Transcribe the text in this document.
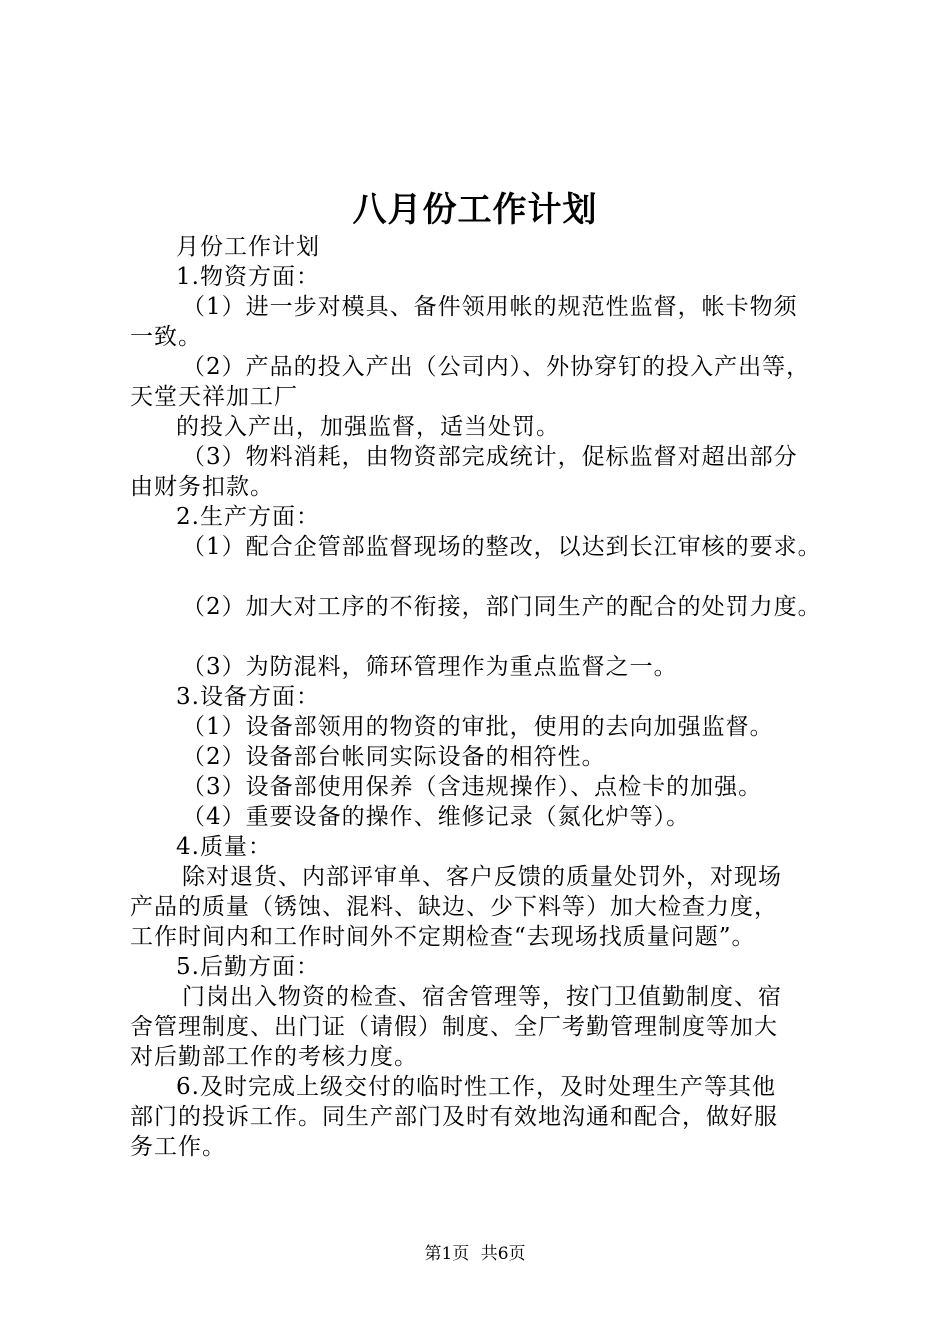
八月份工作计划

月份工作计划

1.物资方面：

（1）进一步对模具、备件领用帐的规范性监督，帐卡物须

一致。

（2）产品的投入产出（公司内）、外协穿钉的投入产出等，

天堂天祥加工厂

的投入产出，加强监督，适当处罚。

（3）物料消耗，由物资部完成统计，促标监督对超出部分

由财务扣款。

2.生产方面：

（1）配合企管部监督现场的整改，以达到长江审核的要求。

（2）加大对工序的不衔接，部门同生产的配合的处罚力度。

（3）为防混料，筛环管理作为重点监督之一。

3.设备方面：

（1）设备部领用的物资的审批，使用的去向加强监督。

（2）设备部台帐同实际设备的相符性。

（3）设备部使用保养（含违规操作）、点检卡的加强。

（4）重要设备的操作、维修记录（氮化炉等）。

4.质量：

除对退货、内部评审单、客户反馈的质量处罚外，对现场

产品的质量（锈蚀、混料、缺边、少下料等）加大检查力度，

工作时间内和工作时间外不定期检查“去现场找质量问题”。

5.后勤方面：

门岗出入物资的检查、宿舍管理等，按门卫值勤制度、宿

舍管理制度、出门证（请假）制度、全厂考勤管理制度等加大

对后勤部工作的考核力度。

6.及时完成上级交付的临时性工作，及时处理生产等其他

部门的投诉工作。同生产部门及时有效地沟通和配合，做好服

务工作。

第1页 共6页
